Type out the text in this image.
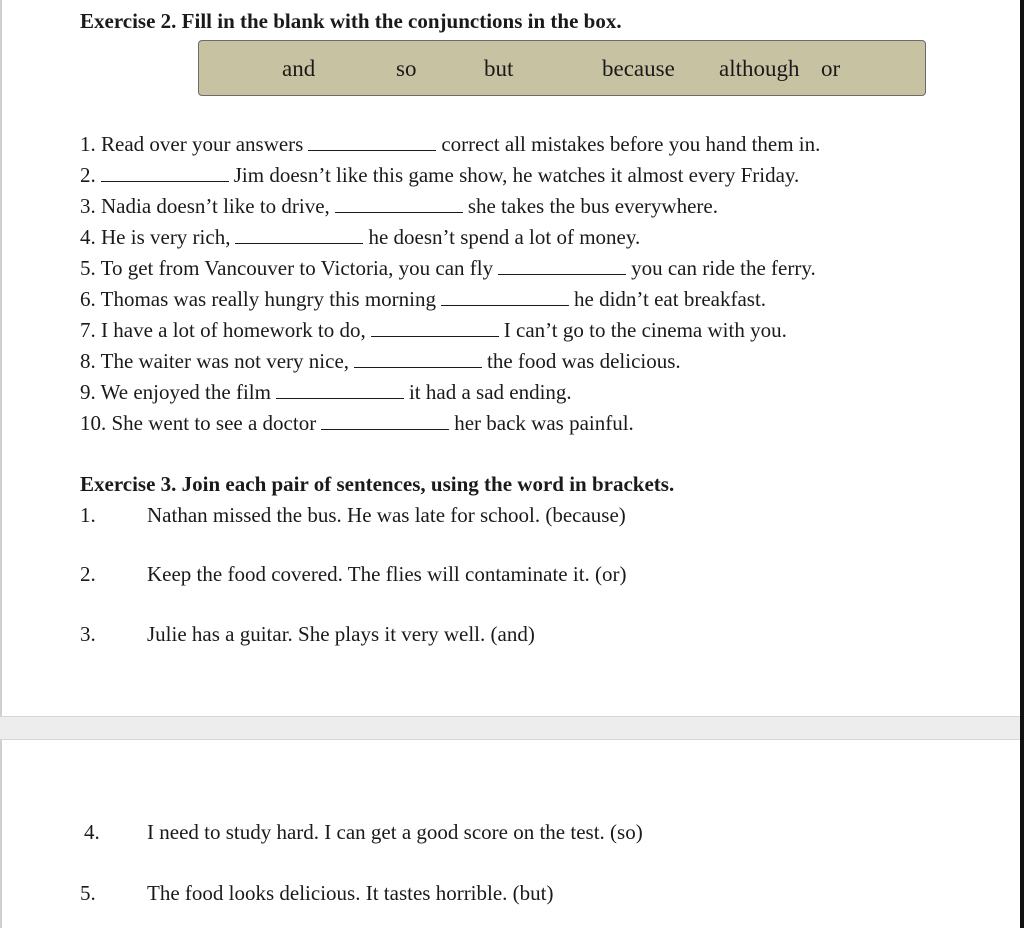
Exercise 2. Fill in the blank with the conjunctions in the box.
and	so	but	because although or
1. Read over your answers	correct all mistakes before you hand them in.
2.	Jim doesn’t like this game show, he watches it almost every Friday.
3. Nadia doesn’t like to drive,	she takes the bus everywhere.
4. He is very rich,	he doesn’t spend a lot of money.
5. To get from Vancouver to Victoria, you can fly	you can ride the ferry.
6. Thomas was really hungry this morning	he didn’t eat breakfast.
7. I have a lot of homework to do,	I can’t go to the cinema with you.
8. The waiter was not very nice,	the food was delicious.
9. We enjoyed the film	it had a sad ending.
10. She went to see a doctor	her back was painful.
Exercise 3. Join each pair of sentences, using the word in brackets.
1. Nathan missed the bus. He was late for school. (because)
2. Keep the food covered. The flies will contaminate it. (or)
3. Julie has a guitar. She plays it very well. (and)
4. I need to study hard. I can get a good score on the test. (so)
5. The food looks delicious. It tastes horrible. (but)
